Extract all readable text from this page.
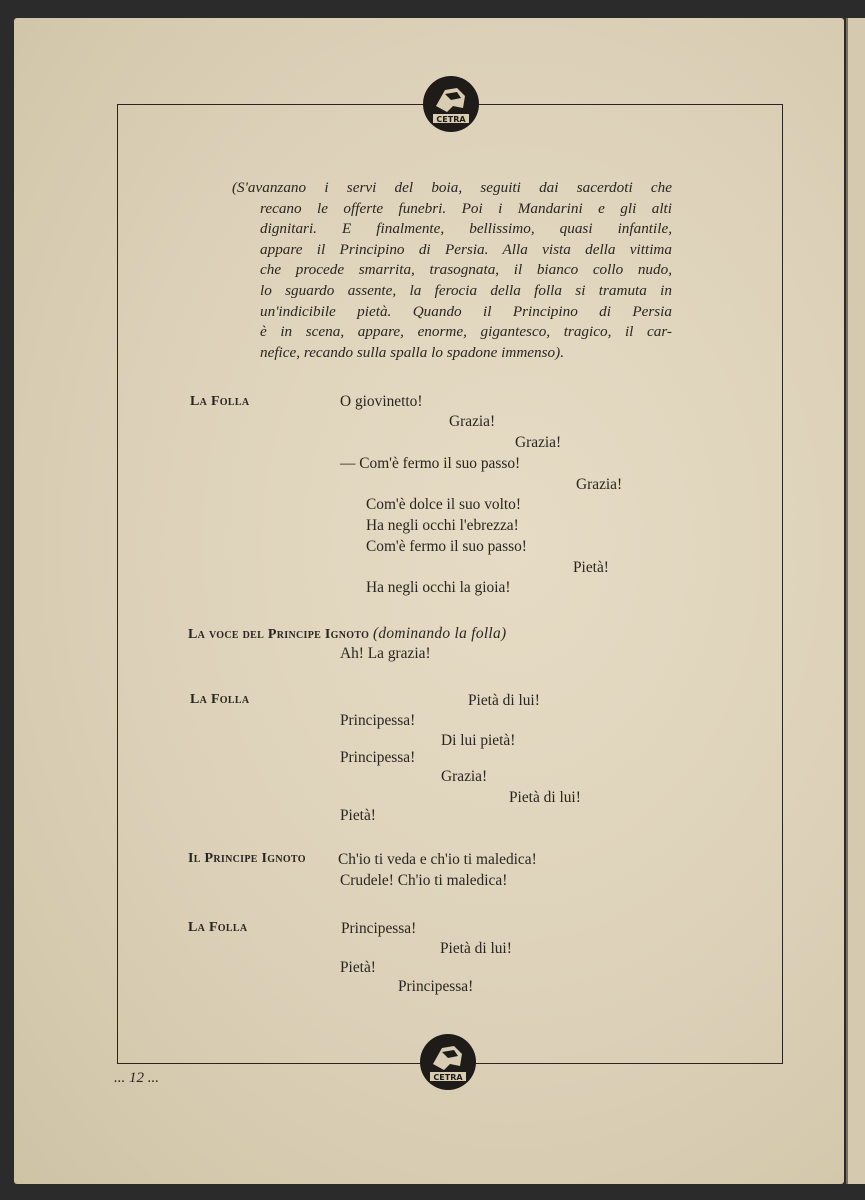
CETRA
(S'avanzano i servi del boia, seguiti dai sacerdoti che
recano le offerte funebri. Poi i Mandarini e gli alti
dignitari. E finalmente, bellissimo, quasi infantile,
appare il Principino di Persia. Alla vista della vittima
che procede smarrita, trasognata, il bianco collo nudo,
lo sguardo assente, la ferocia della folla si tramuta in
un'indicibile pietà. Quando il Principino di Persia
è in scena, appare, enorme, gigantesco, tragico, il car-
nefice, recando sulla spalla lo spadone immenso).
La Folla	O giovinetto!
Grazia!
Grazia!
— Com'è fermo il suo passo!
Grazia!
Com'è dolce il suo volto!
Ha negli occhi l'ebrezza!
Com'è fermo il suo passo!
Pietà!
Ha negli occhi la gioia!
La voce del Principe Ignoto (dominando la folla)
Ah! La grazia!
La Folla	Pietà di lui!
Principessa!
Di lui pietà!
Principessa!
Grazia!
Pietà di lui!
Pietà!
Il Principe Ignoto Ch'io ti veda e ch'io ti maledica!
Crudele! Ch'io ti maledica!
La Folla	Principessa!
Pietà di lui!
Pietà!
Principessa!
CETRA
... 12 ...
